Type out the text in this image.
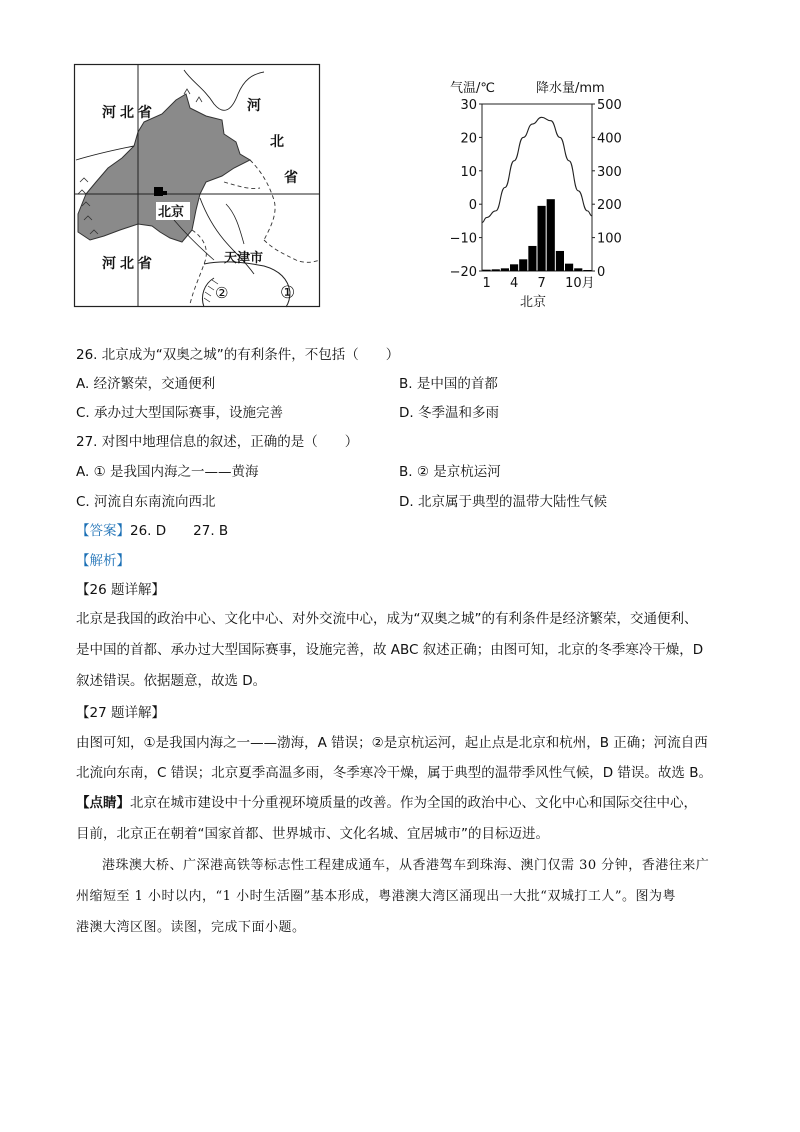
河北省	河
北
省
北京
天津市
河北省
②	①
气温/℃	降水量/mm
30
20
10
0
−10
−20
500
400
300
200
100
0
1 4 7 10月
北京
26. 北京成为“双奥之城”的有利条件，不包括（　　）
A. 经济繁荣，交通便利	B. 是中国的首都
C. 承办过大型国际赛事，设施完善	D. 冬季温和多雨
27. 对图中地理信息的叙述，正确的是（　　）
A. ① 是我国内海之一——黄海	B. ② 是京杭运河
C. 河流自东南流向西北	D. 北京属于典型的温带大陆性气候
【答案】26. D　　27. B
【解析】
【26 题详解】
北京是我国的政治中心、文化中心、对外交流中心，成为“双奥之城”的有利条件是经济繁荣，交通便利、
是中国的首都、承办过大型国际赛事，设施完善，故 ABC 叙述正确；由图可知，北京的冬季寒冷干燥，D
叙述错误。依据题意，故选 D。
【27 题详解】
由图可知，①是我国内海之一——渤海，A 错误；②是京杭运河，起止点是北京和杭州，B 正确；河流自西
北流向东南，C 错误；北京夏季高温多雨，冬季寒冷干燥，属于典型的温带季风性气候，D 错误。故选 B。
【点睛】北京在城市建设中十分重视环境质量的改善。作为全国的政治中心、文化中心和国际交往中心，
目前，北京正在朝着“国家首都、世界城市、文化名城、宜居城市”的目标迈进。
港珠澳大桥、广深港高铁等标志性工程建成通车，从香港驾车到珠海、澳门仅需 30 分钟，香港往来广
州缩短至 1 小时以内，“1 小时生活圈”基本形成，粤港澳大湾区涌现出一大批“双城打工人”。图为粤
港澳大湾区图。读图，完成下面小题。
